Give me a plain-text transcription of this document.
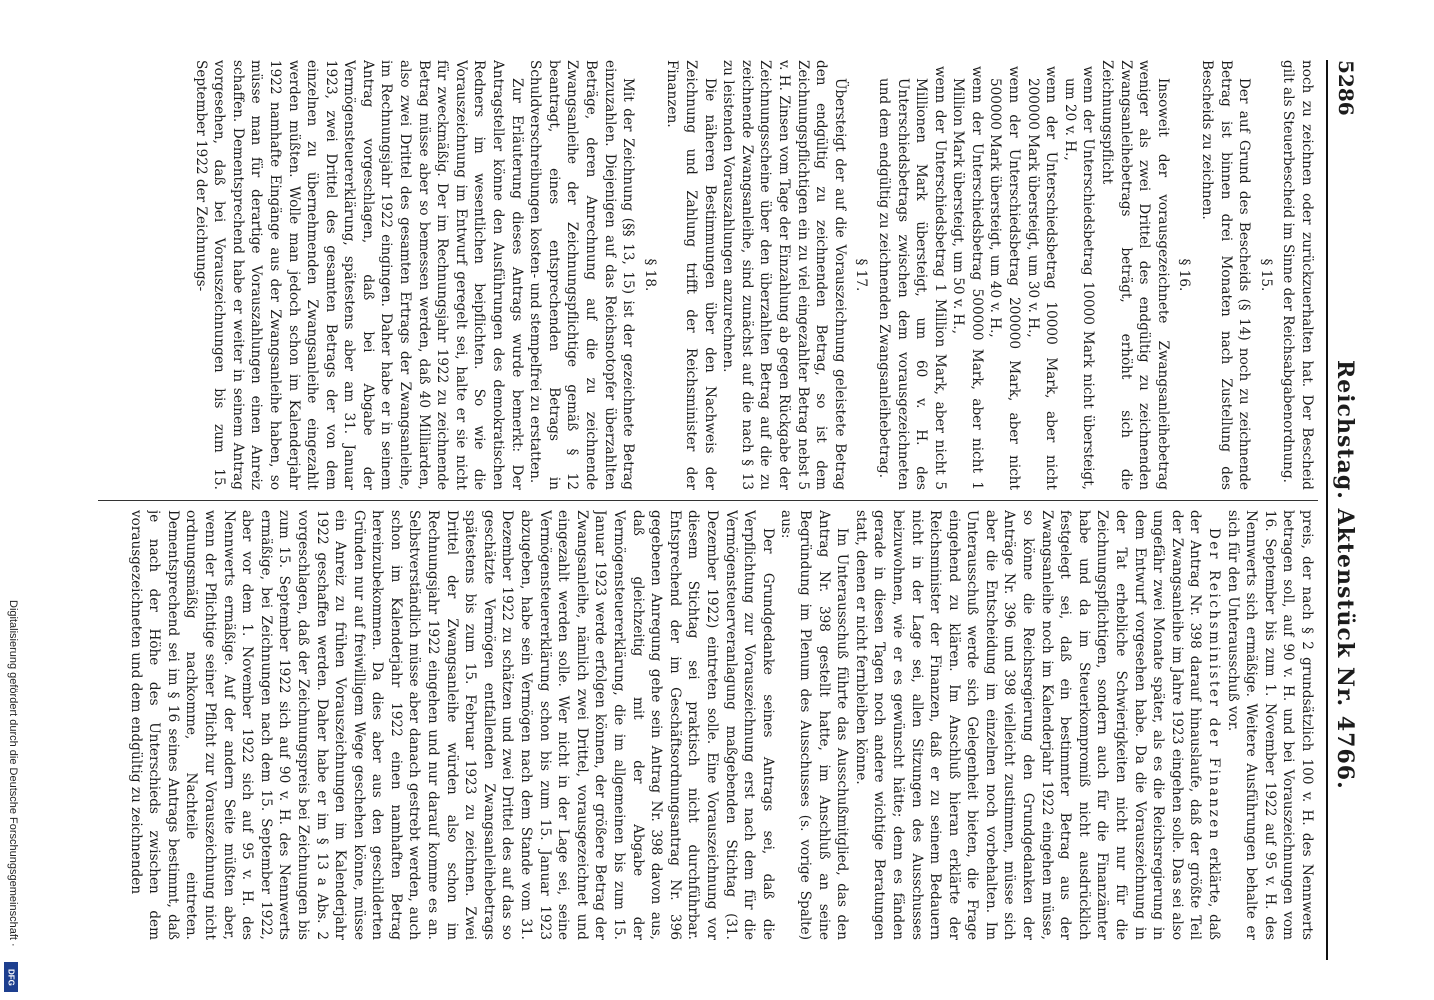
5286
Reichstag. Aktenstück Nr. 4766.

noch zu zeichnen oder zurückzuerhalten hat. Der Bescheid gilt als Steuerbescheid im Sinne der Reichsabgabenordnung.

§ 15.

Der auf Grund des Bescheids (§ 14) noch zu zeichnende Betrag ist binnen drei Monaten nach Zustellung des Bescheids zu zeichnen.

§ 16.

Insoweit der vorausgezeichnete Zwangsanleihebetrag weniger als zwei Drittel des endgültig zu zeichnenden Zwangsanleihebetrags beträgt, erhöht sich die Zeichnungspflicht

wenn der Unterschiedsbetrag 10000 Mark nicht übersteigt, um 20 v. H.,

wenn der Unterschiedsbetrag 10000 Mark, aber nicht 200000 Mark übersteigt, um 30 v. H.,

wenn der Unterschiedsbetrag 200000 Mark, aber nicht 500000 Mark übersteigt, um 40 v. H.,

wenn der Unterschiedsbetrag 500000 Mark, aber nicht 1 Million Mark übersteigt, um 50 v. H.,

wenn der Unterschiedsbetrag 1 Million Mark, aber nicht 5 Millionen Mark übersteigt, um 60 v. H. des Unterschiedsbetrags zwischen dem vorausgezeichneten und dem endgültig zu zeichnenden Zwangsanleihebetrag.

§ 17.

Übersteigt der auf die Vorauszeichnung geleistete Betrag den endgültig zu zeichnenden Betrag, so ist dem Zeichnungspflichtigen ein zu viel eingezahlter Betrag nebst 5 v. H. Zinsen vom Tage der Einzahlung ab gegen Rückgabe der Zeichnungsscheine über den überzahlten Betrag auf die zu zeichnende Zwangsanleihe, sind zunächst auf die nach § 13 zu leistenden Vorauszahlungen anzurechnen.

Die näheren Bestimmungen über den Nachweis der Zeichnung und Zahlung trifft der Reichsminister der Finanzen.

§ 18.

Mit der Zeichnung (§§ 13, 15) ist der gezeichnete Betrag einzuzahlen. Diejenigen auf das Reichsnotopfer überzahlten Beträge, deren Anrechnung auf die zu zeichnende Zwangsanleihe der Zeichnungspflichtige gemäß § 12 beantragt, eines entsprechenden Betrags in Schuldverschreibungen kosten- und stempelfrei zu erstatten.

Zur Erläuterung dieses Antrags wurde bemerkt: Der Antragsteller könne den Ausführungen des demokratischen Redners im wesentlichen beipflichten. So wie die Vorauszeichnung im Entwurf geregelt sei, halte er sie nicht für zweckmäßig. Der im Rechnungsjahr 1922 zu zeichnende Betrag müsse aber so bemessen werden, daß 40 Milliarden, also zwei Drittel des gesamten Ertrags der Zwangsanleihe, im Rechnungsjahr 1922 eingingen. Daher habe er in seinem Antrag vorgeschlagen, daß bei Abgabe der Vermögensteuererklärung, spätestens aber am 31. Januar 1923, zwei Drittel des gesamten Betrags der von dem einzelnen zu übernehmenden Zwangsanleihe eingezahlt werden müßten. Wolle man jedoch schon im Kalenderjahr 1922 namhafte Eingänge aus der Zwangsanleihe haben, so müsse man für derartige Vorauszahlungen einen Anreiz schaffen. Dementsprechend habe er weiter in seinem Antrag vorgesehen, daß bei Vorauszeichnungen bis zum 15. September 1922 der Zeichnungs-

preis, der nach § 2 grundsätzlich 100 v. H. des Nennwerts betragen soll, auf 90 v. H. und bei Vorauszeichnungen vom 16. September bis zum 1. November 1922 auf 95 v. H. des Nennwerts sich ermäßige. Weitere Ausführungen behalte er sich für den Unterausschuß vor.

Der Reichsminister der Finanzen erklärte, daß der Antrag Nr. 398 darauf hinauslaufe, daß der größte Teil der Zwangsanleihe im Jahre 1923 eingehen solle. Das sei also ungefähr zwei Monate später, als es die Reichsregierung in dem Entwurf vorgesehen habe. Da die Vorauszeichnung in der Tat erhebliche Schwierigkeiten nicht nur für die Zeichnungspflichtigen, sondern auch für die Finanzämter habe und da im Steuerkompromiß nicht ausdrücklich festgelegt sei, daß ein bestimmter Betrag aus der Zwangsanleihe noch im Kalenderjahr 1922 eingehen müsse, so könne die Reichsregierung den Grundgedanken der Anträge Nr. 396 und 398 vielleicht zustimmen, müsse sich aber die Entscheidung im einzelnen noch vorbehalten. Im Unterausschuß werde sich Gelegenheit bieten, die Frage eingehend zu klären. Im Anschluß hieran erklärte der Reichsminister der Finanzen, daß er zu seinem Bedauern nicht in der Lage sei, allen Sitzungen des Ausschusses beizuwohnen, wie er es gewünscht hätte; denn es fänden gerade in diesen Tagen noch andere wichtige Beratungen statt, denen er nicht fernbleiben könne.

Im Unterausschuß führte das Ausschußmitglied, das den Antrag Nr. 398 gestellt hatte, im Anschluß an seine Begründung im Plenum des Ausschusses (s. vorige Spalte) aus:

Der Grundgedanke seines Antrags sei, daß die Verpflichtung zur Vorauszeichnung erst nach dem für die Vermögensteuerveranlagung maßgebenden Stichtag (31. Dezember 1922) eintreten solle. Eine Vorauszeichnung vor diesem Stichtag sei praktisch nicht durchführbar. Entsprechend der im Geschäftsordnungsantrag Nr. 396 gegebenen Anregung gehe sein Antrag Nr. 398 davon aus, daß gleichzeitig mit der Abgabe der Vermögensteuererklärung, die im allgemeinen bis zum 15. Januar 1923 werde erfolgen können, der größere Betrag der Zwangsanleihe, nämlich zwei Drittel, vorausgezeichnet und eingezahlt werden solle. Wer nicht in der Lage sei, seine Vermögensteuererklärung schon bis zum 15. Januar 1923 abzugeben, habe sein Vermögen nach dem Stande vom 31. Dezember 1922 zu schätzen und zwei Drittel des auf das so geschätzte Vermögen entfallenden Zwangsanleihebetrags spätestens bis zum 15. Februar 1923 zu zeichnen. Zwei Drittel der Zwangsanleihe würden also schon im Rechnungsjahr 1922 eingehen und nur darauf komme es an. Selbstverständlich müsse aber danach gestrebt werden, auch schon im Kalenderjahr 1922 einen namhaften Betrag hereinzubekommen. Da dies aber aus den geschilderten Gründen nur auf freiwilligem Wege geschehen könne, müsse ein Anreiz zu frühen Vorauszeichnungen im Kalenderjahr 1922 geschaffen werden. Daher habe er im § 13 a Abs. 2 vorgeschlagen, daß der Zeichnungspreis bei Zeichnungen bis zum 15. September 1922 sich auf 90 v. H. des Nennwerts ermäßige, bei Zeichnungen nach dem 15. September 1922, aber vor dem 1. November 1922 sich auf 95 v. H. des Nennwerts ermäßige. Auf der andern Seite müßten aber, wenn der Pflichtige seiner Pflicht zur Vorauszeichnung nicht ordnungsmäßig nachkomme, Nachteile eintreten. Dementsprechend sei im § 16 seines Antrags bestimmt, daß je nach der Höhe des Unterschieds zwischen dem vorausgezeichneten und dem endgültig zu zeichnenden

Digitalisierung gefördert durch die Deutsche Forschungsgemeinschaft ·
DFG
